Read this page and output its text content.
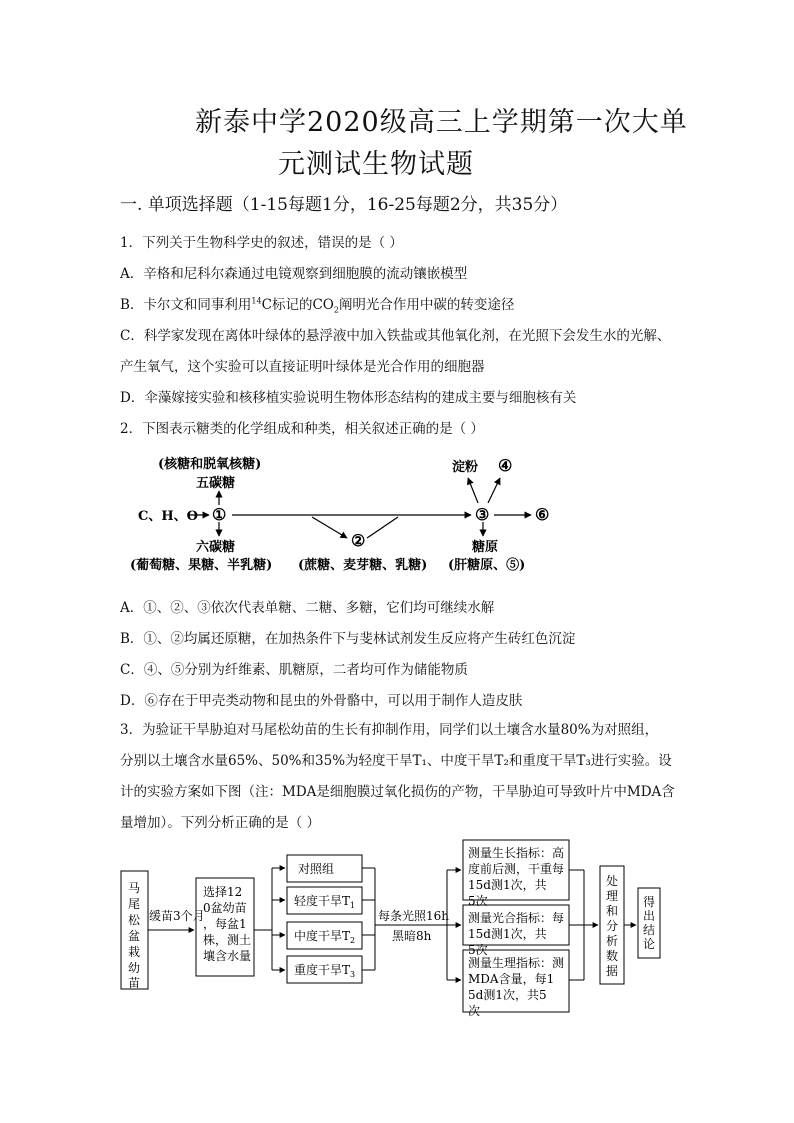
新泰中学2020级高三上学期第一次大单
元测试生物试题
一. 单项选择题（1-15每题1分，16-25每题2分，共35分）
1．下列关于生物科学史的叙述，错误的是（ ）
A．辛格和尼科尔森通过电镜观察到细胞膜的流动镶嵌模型
B．卡尔文和同事利用$^{14}$C标记的$CO_2$阐明光合作用中碳的转变途径
C．科学家发现在离体叶绿体的悬浮液中加入铁盐或其他氧化剂，在光照下会发生水的光解、
产生氧气，这个实验可以直接证明叶绿体是光合作用的细胞器
D．伞藻嫁接实验和核移植实验说明生物体形态结构的建成主要与细胞核有关
2．下图表示糖类的化学组成和种类，相关叙述正确的是（ ）
(核糖和脱氧核糖)
五碳糖
C、H、O ①
六碳糖
(葡萄糖、果糖、半乳糖)
②
(蔗糖、麦芽糖、乳糖)
③
淀粉 ④
⑥
糖原
(肝糖原、⑤)
A．①、②、③依次代表单糖、二糖、多糖，它们均可继续水解
B．①、②均属还原糖，在加热条件下与斐林试剂发生反应将产生砖红色沉淀
C．④、⑤分别为纤维素、肌糖原，二者均可作为储能物质
D．⑥存在于甲壳类动物和昆虫的外骨骼中，可以用于制作人造皮肤
3．为验证干旱胁迫对马尾松幼苗的生长有抑制作用，同学们以土壤含水量80%为对照组，
分别以土壤含水量65%、50%和35%为轻度干旱T₁、中度干旱T₂和重度干旱T₃进行实验。设
计的实验方案如下图（注：MDA是细胞膜过氧化损伤的产物，干旱胁迫可导致叶片中MDA含
量增加）。下列分析正确的是（ ）
马
尾
松
盆
栽
幼
苗
缓苗3个月
选择12 0盆幼苗，每盆1 株，测土壤含水量
对照组
轻度干旱$T_1$
中度干旱$T_2$
重度干旱$T_3$
每条光照16h
黑暗8h
测量生长指标：高度前后测，干重每 15d测1次，共 5次
测量光合指标：每 15d测1次，共 5次
测量生理指标：测 MDA含量，每1 5d测1次，共5 次
处理和分析数据
得出结论
